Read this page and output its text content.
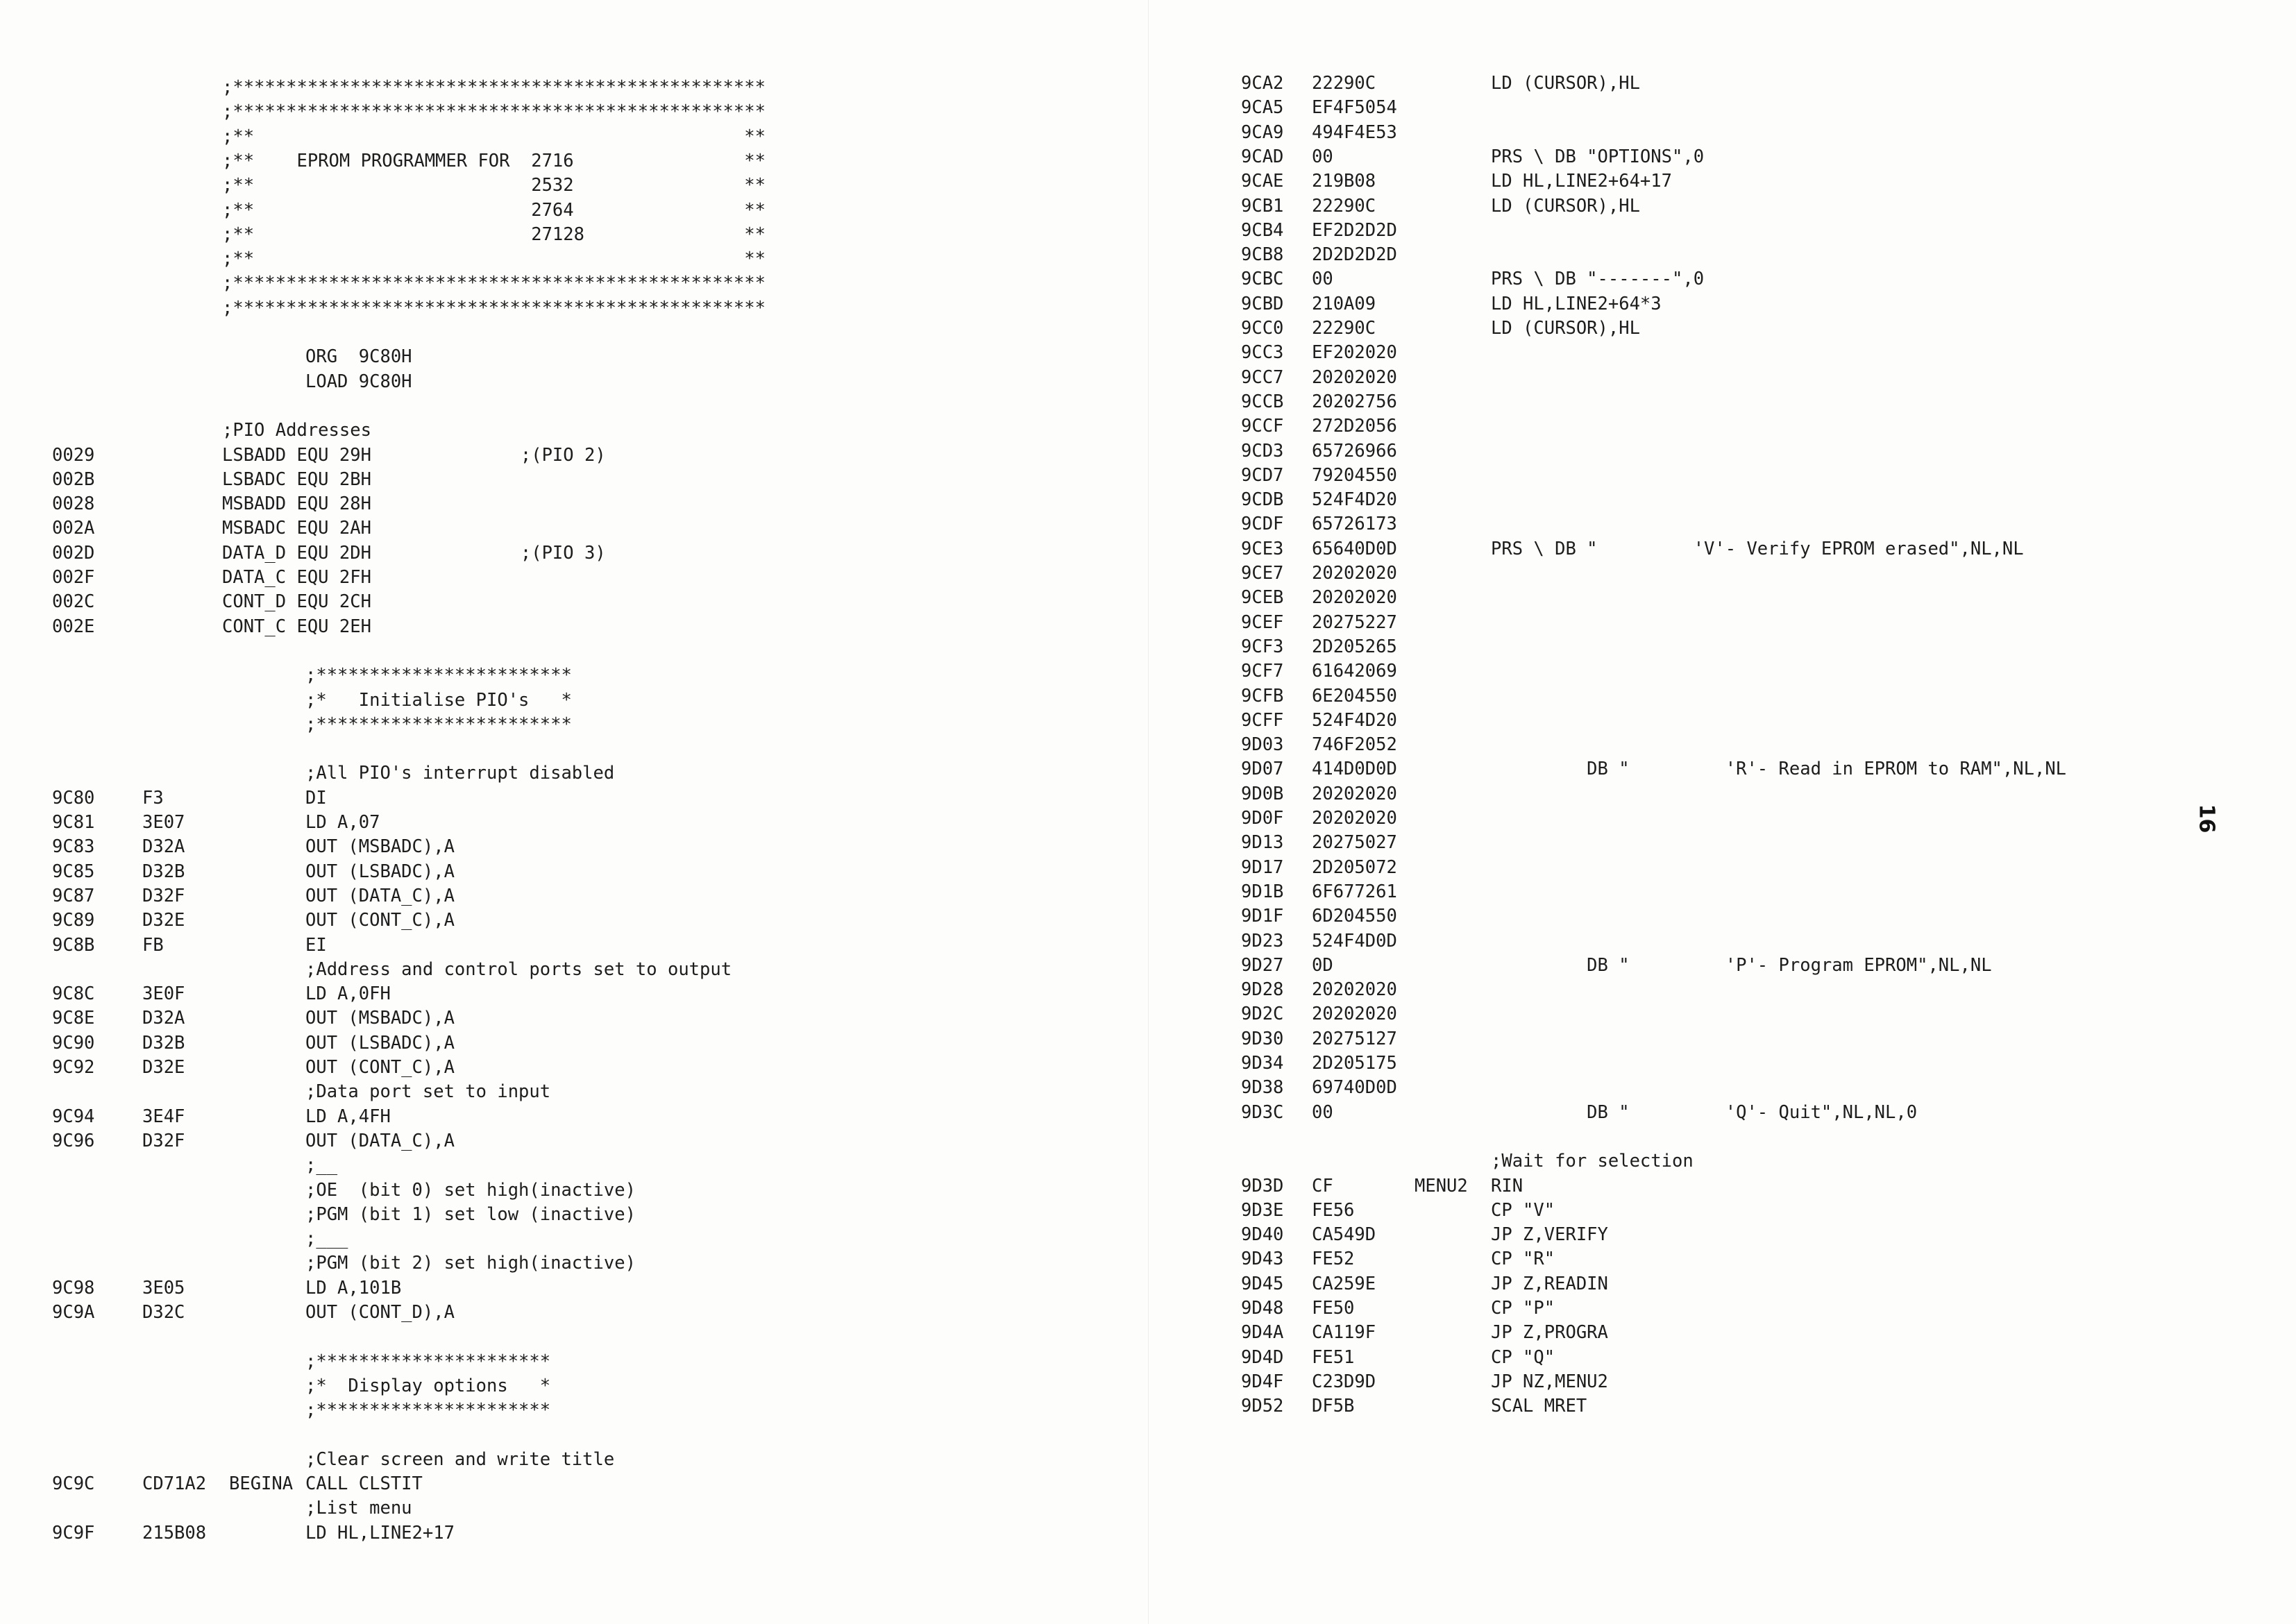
;**************************************************
;**************************************************
;**                                              **
;**    EPROM PROGRAMMER FOR  2716                **
;**                          2532                **
;**                          2764                **
;**                          27128               **
;**                                              **
;**************************************************
;**************************************************
ORG  9C80H
LOAD 9C80H
;PIO Addresses
0029	LSBADD EQU 29H              ;(PIO 2)
002B	LSBADC EQU 2BH
0028	MSBADD EQU 28H
002A	MSBADC EQU 2AH
002D	DATA_D EQU 2DH              ;(PIO 3)
002F	DATA_C EQU 2FH
002C	CONT_D EQU 2CH
002E	CONT_C EQU 2EH
;************************
;*   Initialise PIO's   *
;************************
;All PIO's interrupt disabled
9C80	F3	DI
9C81	3E07	LD A,07
9C83	D32A	OUT (MSBADC),A
9C85	D32B	OUT (LSBADC),A
9C87	D32F	OUT (DATA_C),A
9C89	D32E	OUT (CONT_C),A
9C8B	FB	EI
;Address and control ports set to output
9C8C	3E0F	LD A,0FH
9C8E	D32A	OUT (MSBADC),A
9C90	D32B	OUT (LSBADC),A
9C92	D32E	OUT (CONT_C),A
;Data port set to input
9C94	3E4F	LD A,4FH
9C96	D32F	OUT (DATA_C),A
;__
;OE  (bit 0) set high(inactive)
;PGM (bit 1) set low (inactive)
;___
;PGM (bit 2) set high(inactive)
9C98	3E05	LD A,101B
9C9A	D32C	OUT (CONT_D),A
;**********************
;*  Display options   *
;**********************
;Clear screen and write title
9C9C	CD71A2 BEGINA CALL CLSTIT
;List menu
9C9F	215B08	LD HL,LINE2+17
9CA2 22290C	LD (CURSOR),HL
9CA5 EF4F5054
9CA9 494F4E53
9CAD 00	PRS \ DB "OPTIONS",0
9CAE 219B08	LD HL,LINE2+64+17
9CB1 22290C	LD (CURSOR),HL
9CB4 EF2D2D2D
9CB8 2D2D2D2D
9CBC 00	PRS \ DB "-------",0
9CBD 210A09	LD HL,LINE2+64*3
9CC0 22290C	LD (CURSOR),HL
9CC3 EF202020
9CC7 20202020
9CCB 20202756
9CCF 272D2056
9CD3 65726966
9CD7 79204550
9CDB 524F4D20
9CDF 65726173
9CE3 65640D0D	PRS \ DB "         'V'- Verify EPROM erased",NL,NL
9CE7 20202020
9CEB 20202020
9CEF 20275227
9CF3 2D205265
9CF7 61642069
9CFB 6E204550
9CFF 524F4D20
9D03 746F2052
9D07 414D0D0D	DB "         'R'- Read in EPROM to RAM",NL,NL
9D0B 20202020
9D0F 20202020
9D13 20275027
9D17 2D205072
9D1B 6F677261
9D1F 6D204550
9D23 524F4D0D
9D27 0D	DB "         'P'- Program EPROM",NL,NL
9D28 20202020
9D2C 20202020
9D30 20275127
9D34 2D205175
9D38 69740D0D
9D3C 00	DB "         'Q'- Quit",NL,NL,0
;Wait for selection
9D3D CF	MENU2 RIN
9D3E FE56	CP "V"
9D40 CA549D	JP Z,VERIFY
9D43 FE52	CP "R"
9D45 CA259E	JP Z,READIN
9D48 FE50	CP "P"
9D4A CA119F	JP Z,PROGRA
9D4D FE51	CP "Q"
9D4F C23D9D	JP NZ,MENU2
9D52 DF5B	SCAL MRET
16
